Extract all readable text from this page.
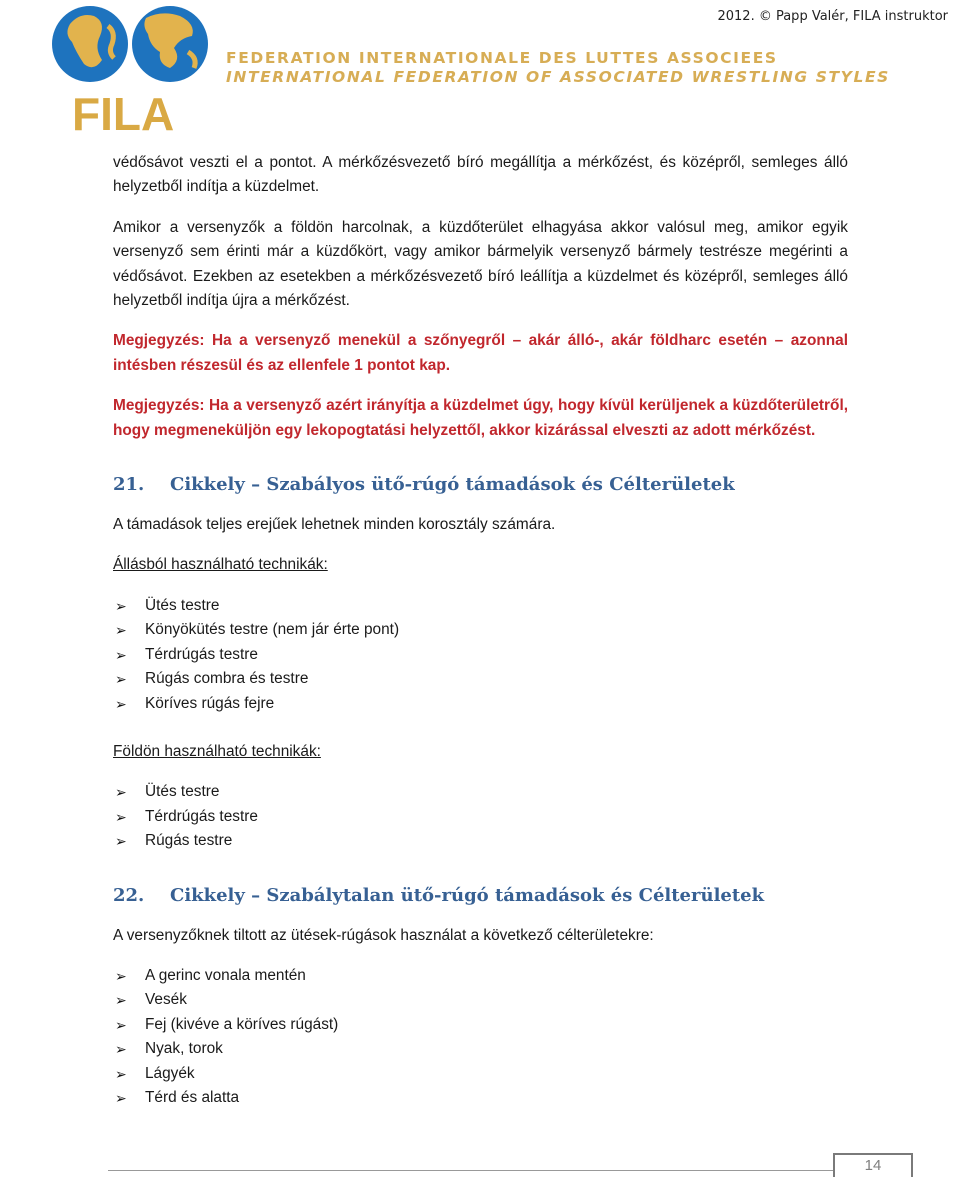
2012. © Papp Valér, FILA instruktor
FILA
FEDERATION INTERNATIONALE DES LUTTES ASSOCIEES
INTERNATIONAL FEDERATION OF ASSOCIATED WRESTLING STYLES

védősávot veszti el a pontot. A mérkőzésvezető bíró megállítja a mérkőzést, és középről, semleges álló helyzetből indítja a küzdelmet.

Amikor a versenyzők a földön harcolnak, a küzdőterület elhagyása akkor valósul meg, amikor egyik versenyző sem érinti már a küzdőkört, vagy amikor bármelyik versenyző bármely testrésze megérinti a védősávot. Ezekben az esetekben a mérkőzésvezető bíró leállítja a küzdelmet és középről, semleges álló helyzetből indítja újra a mérkőzést.

Megjegyzés: Ha a versenyző menekül a szőnyegről – akár álló-, akár földharc esetén – azonnal intésben részesül és az ellenfele 1 pontot kap.

Megjegyzés: Ha a versenyző azért irányítja a küzdelmet úgy, hogy kívül kerüljenek a küzdőterületről, hogy megmeneküljön egy lekopogtatási helyzettől, akkor kizárással elveszti az adott mérkőzést.

21.	Cikkely – Szabályos ütő-rúgó támadások és Célterületek

A támadások teljes erejűek lehetnek minden korosztály számára.

Állásból használható technikák:

➢ Ütés testre
➢ Könyökütés testre (nem jár érte pont)
➢ Térdrúgás testre
➢ Rúgás combra és testre
➢ Köríves rúgás fejre

Földön használható technikák:

➢ Ütés testre
➢ Térdrúgás testre
➢ Rúgás testre
22.	Cikkely – Szabálytalan ütő-rúgó támadások és Célterületek

A versenyzőknek tiltott az ütések-rúgások használat a következő célterületekre:

➢ A gerinc vonala mentén
➢ Vesék
➢ Fej (kivéve a köríves rúgást)
➢ Nyak, torok
➢ Lágyék
➢ Térd és alatta
14
